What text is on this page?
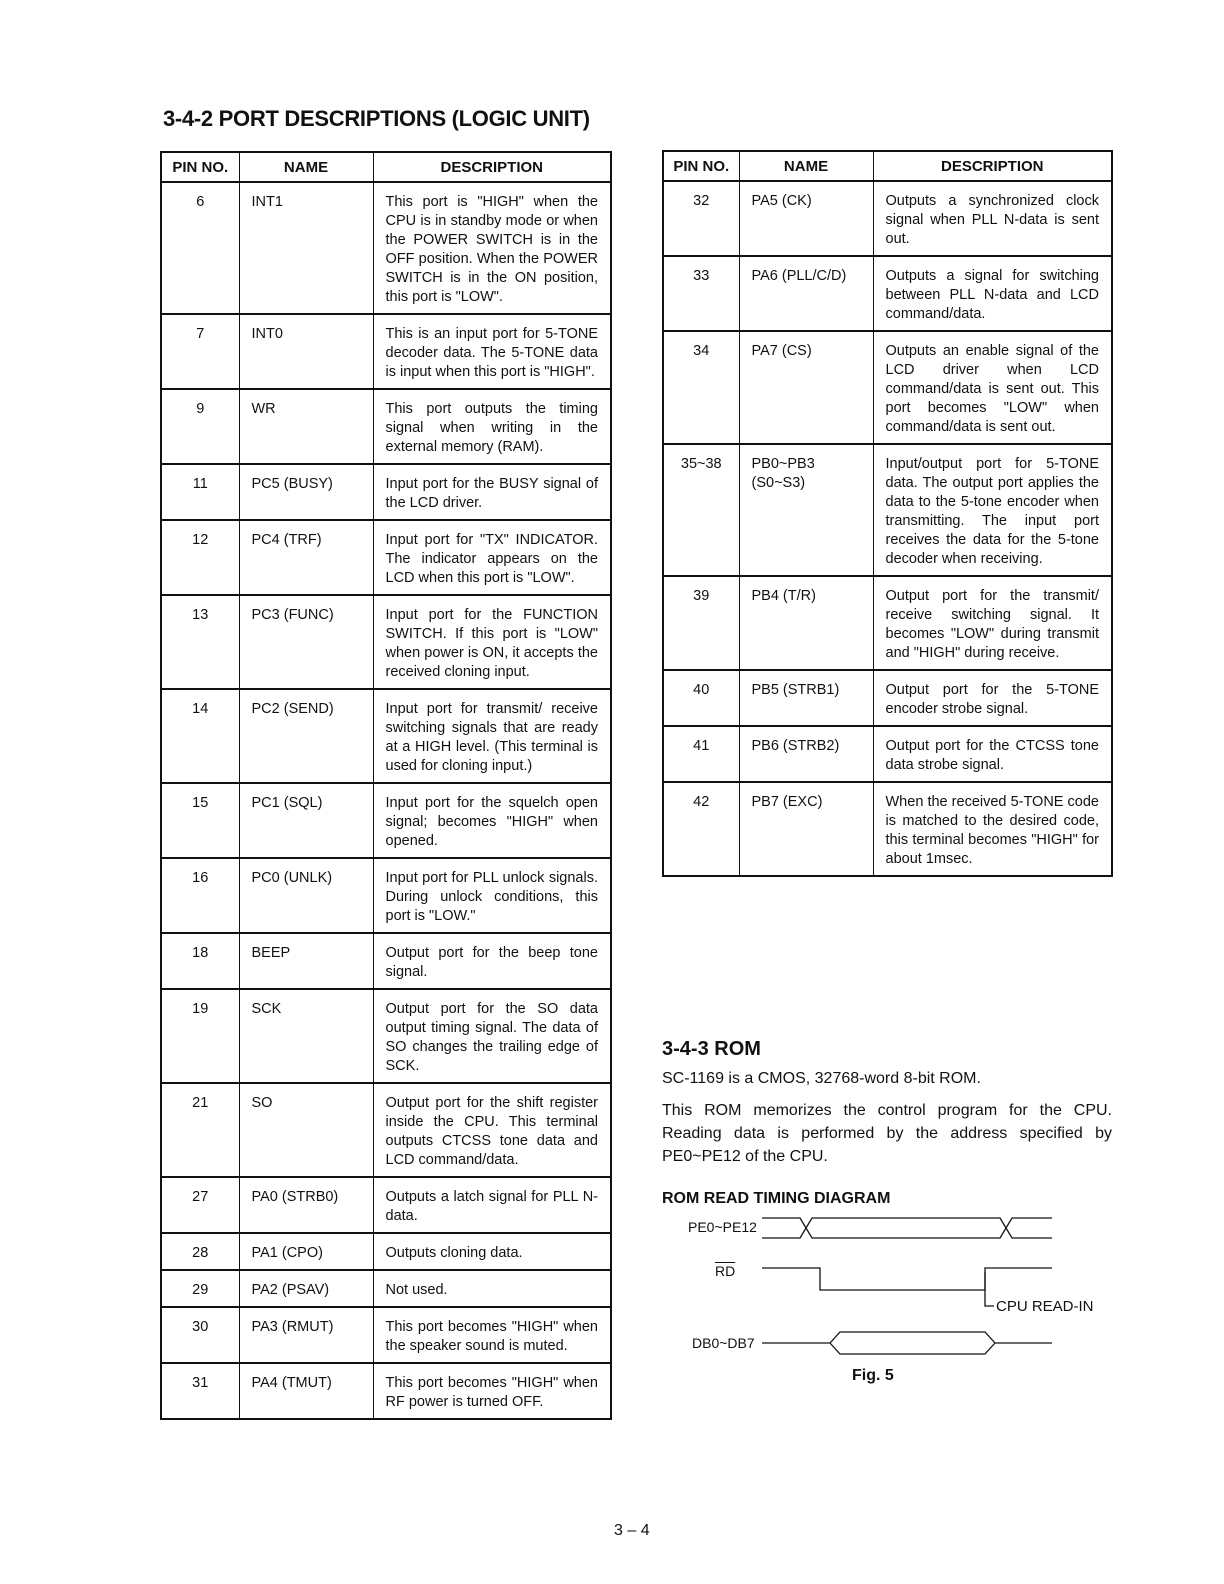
3-4-2 PORT DESCRIPTIONS (LOGIC UNIT)
PIN NO.	NAME	DESCRIPTION
6	INT1	This port is "HIGH" when the CPU is in standby mode or when the POWER SWITCH is in the OFF position. When the POWER SWITCH is in the ON position, this port is "LOW".
7	INT0	This is an input port for 5-TONE decoder data. The 5-TONE data is input when this port is "HIGH".
9	WR	This port outputs the timing signal when writing in the external memory (RAM).
11	PC5 (BUSY)	Input port for the BUSY signal of the LCD driver.
12	PC4 (TRF)	Input port for "TX" INDICATOR. The indicator appears on the LCD when this port is "LOW".
13	PC3 (FUNC)	Input port for the FUNCTION SWITCH. If this port is "LOW" when power is ON, it accepts the received cloning input.
14	PC2 (SEND)	Input port for transmit/ receive switching signals that are ready at a HIGH level. (This terminal is used for cloning input.)
15	PC1 (SQL)	Input port for the squelch open signal; becomes "HIGH" when opened.
16	PC0 (UNLK)	Input port for PLL unlock signals. During unlock conditions, this port is "LOW."
18	BEEP	Output port for the beep tone signal.
19	SCK	Output port for the SO data output timing signal. The data of SO changes the trailing edge of SCK.
21	SO	Output port for the shift register inside the CPU. This terminal outputs CTCSS tone data and LCD command/data.
27	PA0 (STRB0)	Outputs a latch signal for PLL N-data.
28	PA1 (CPO)	Outputs cloning data.
29	PA2 (PSAV)	Not used.
30	PA3 (RMUT)	This port becomes "HIGH" when the speaker sound is muted.
31	PA4 (TMUT)	This port becomes "HIGH" when RF power is turned OFF.
PIN NO.	NAME	DESCRIPTION
32	PA5 (CK)	Outputs a synchronized clock signal when PLL N-data is sent out.
33	PA6 (PLL/C/D)	Outputs a signal for switching between PLL N-data and LCD command/data.
34	PA7 (CS)	Outputs an enable signal of the LCD driver when LCD command/data is sent out. This port becomes "LOW" when command/data is sent out.
35~38	PB0~PB3 (S0~S3)	Input/output port for 5-TONE data. The output port applies the data to the 5-tone encoder when transmitting. The input port receives the data for the 5-tone decoder when receiving.
39	PB4 (T/R)	Output port for the transmit/ receive switching signal. It becomes "LOW" during transmit and "HIGH" during receive.
40	PB5 (STRB1)	Output port for the 5-TONE encoder strobe signal.
41	PB6 (STRB2)	Output port for the CTCSS tone data strobe signal.
42	PB7 (EXC)	When the received 5-TONE code is matched to the desired code, this terminal becomes "HIGH" for about 1msec.
3-4-3 ROM
SC-1169 is a CMOS, 32768-word 8-bit ROM.
This ROM memorizes the control program for the CPU. Reading data is performed by the address specified by PE0~PE12 of the CPU.
ROM READ TIMING DIAGRAM
PE0~PE12
$\overline{RD}$
DB0~DB7
CPU READ-IN
Fig. 5
3 – 4
